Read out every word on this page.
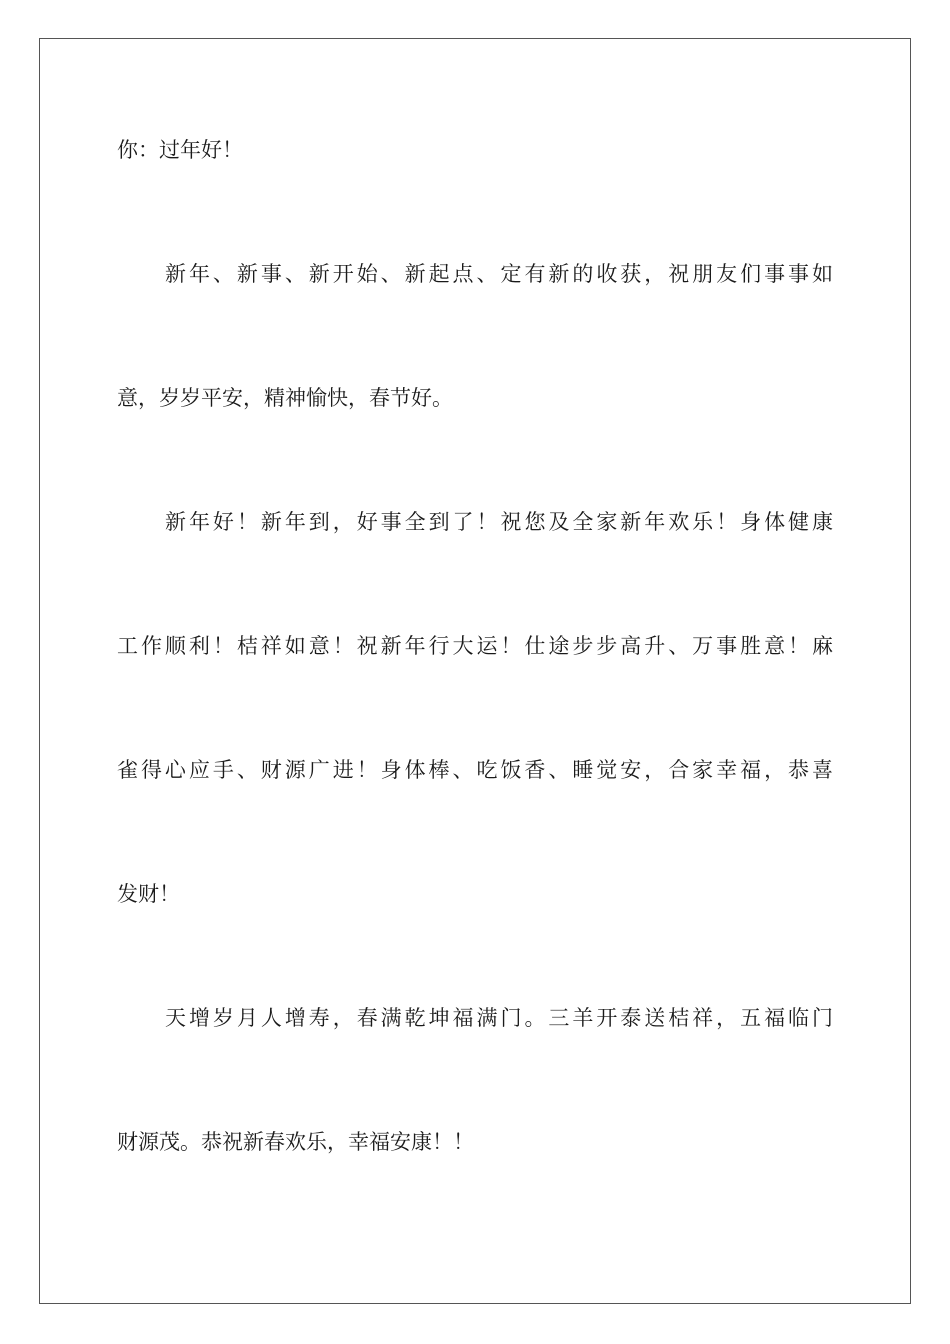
你：过年好！
新年、新事、新开始、新起点、定有新的收获，祝朋友们事事如
意，岁岁平安，精神愉快，春节好。
新年好！新年到，好事全到了！祝您及全家新年欢乐！身体健康
工作顺利！桔祥如意！祝新年行大运！仕途步步高升、万事胜意！麻
雀得心应手、财源广进！身体棒、吃饭香、睡觉安，合家幸福，恭喜
发财！
天增岁月人增寿，春满乾坤福满门。三羊开泰送桔祥，五福临门
财源茂。恭祝新春欢乐，幸福安康！！
